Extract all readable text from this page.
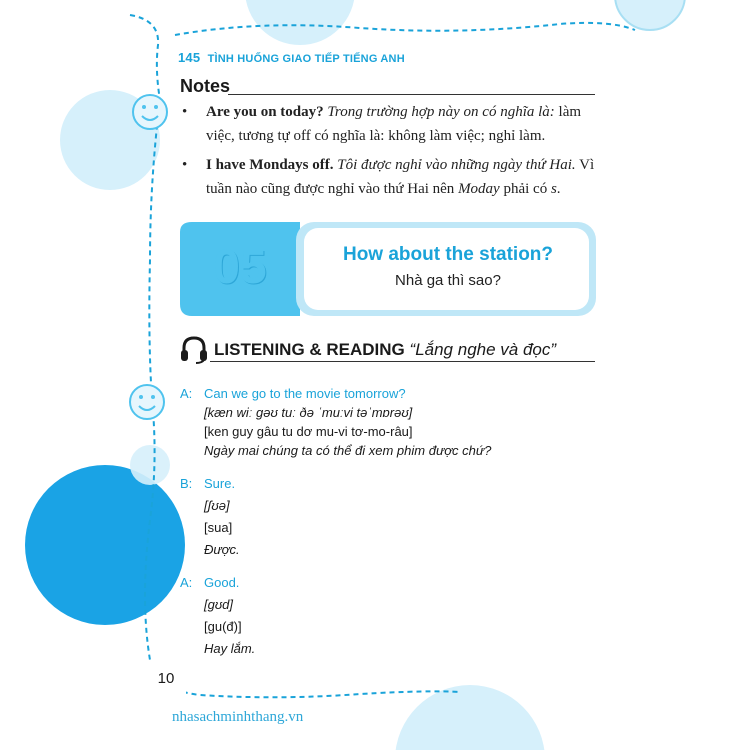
145 TÌNH HUỐNG GIAO TIẾP TIẾNG ANH
Notes
• Are you on today? Trong trường hợp này on có nghĩa là: làm việc, tương tự off có nghĩa là: không làm việc; nghỉ làm.
• I have Mondays off. Tôi được nghỉ vào những ngày thứ Hai. Vì tuần nào cũng được nghỉ vào thứ Hai nên Moday phải có s.
05	How about the station?
Nhà ga thì sao?
LISTENING & READING “Lắng nghe và đọc”
A: Can we go to the movie tomorrow?
[kæn wiː gəʊ tuː ðə ˈmuːvi təˈmɒrəʊ]
[ken guy gâu tu dơ mu-vi tơ-mo-râu]
Ngày mai chúng ta có thể đi xem phim được chứ?
B: Sure.
[ʃʊə]
[sua]
Được.
A: Good.
[gʊd]
[gu(đ)]
Hay lắm.
10
nhasachminhthang.vn
